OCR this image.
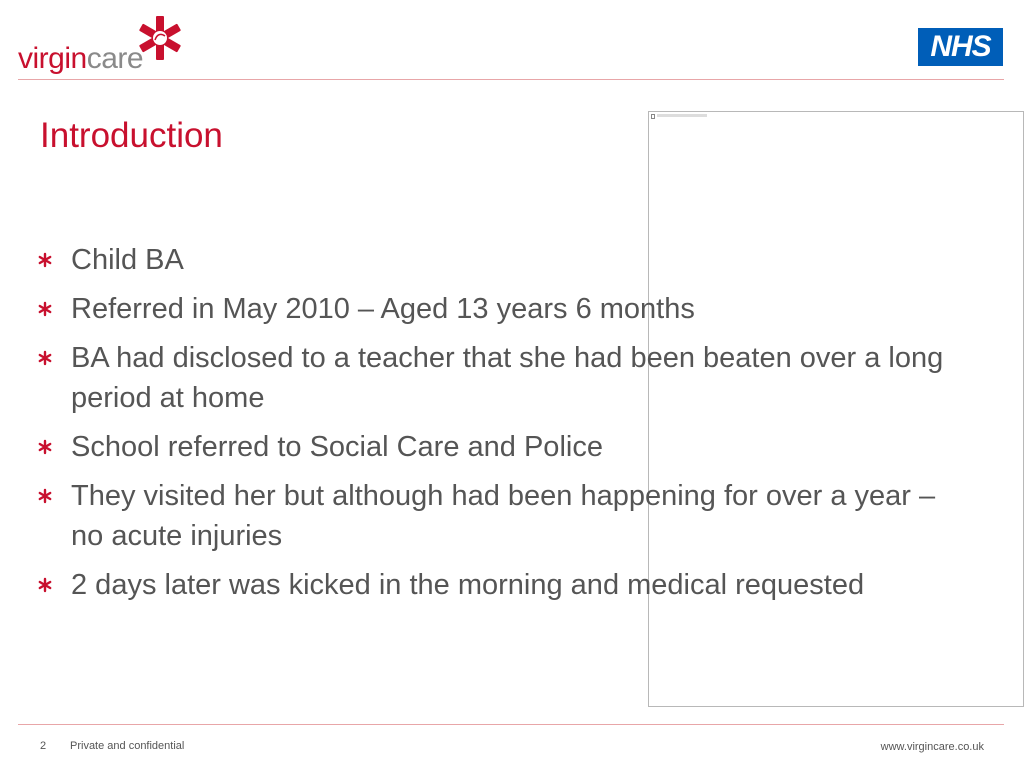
virgincare	NHS
Introduction
Child BA
Referred in May 2010 – Aged 13 years 6 months
BA had disclosed to a teacher that she had been beaten over a long period at home
School referred to Social Care and Police
They visited her but although had been happening for over a year – no acute injuries
2 days later was kicked in the morning and medical requested
2 Private and confidential	www.virgincare.co.uk
